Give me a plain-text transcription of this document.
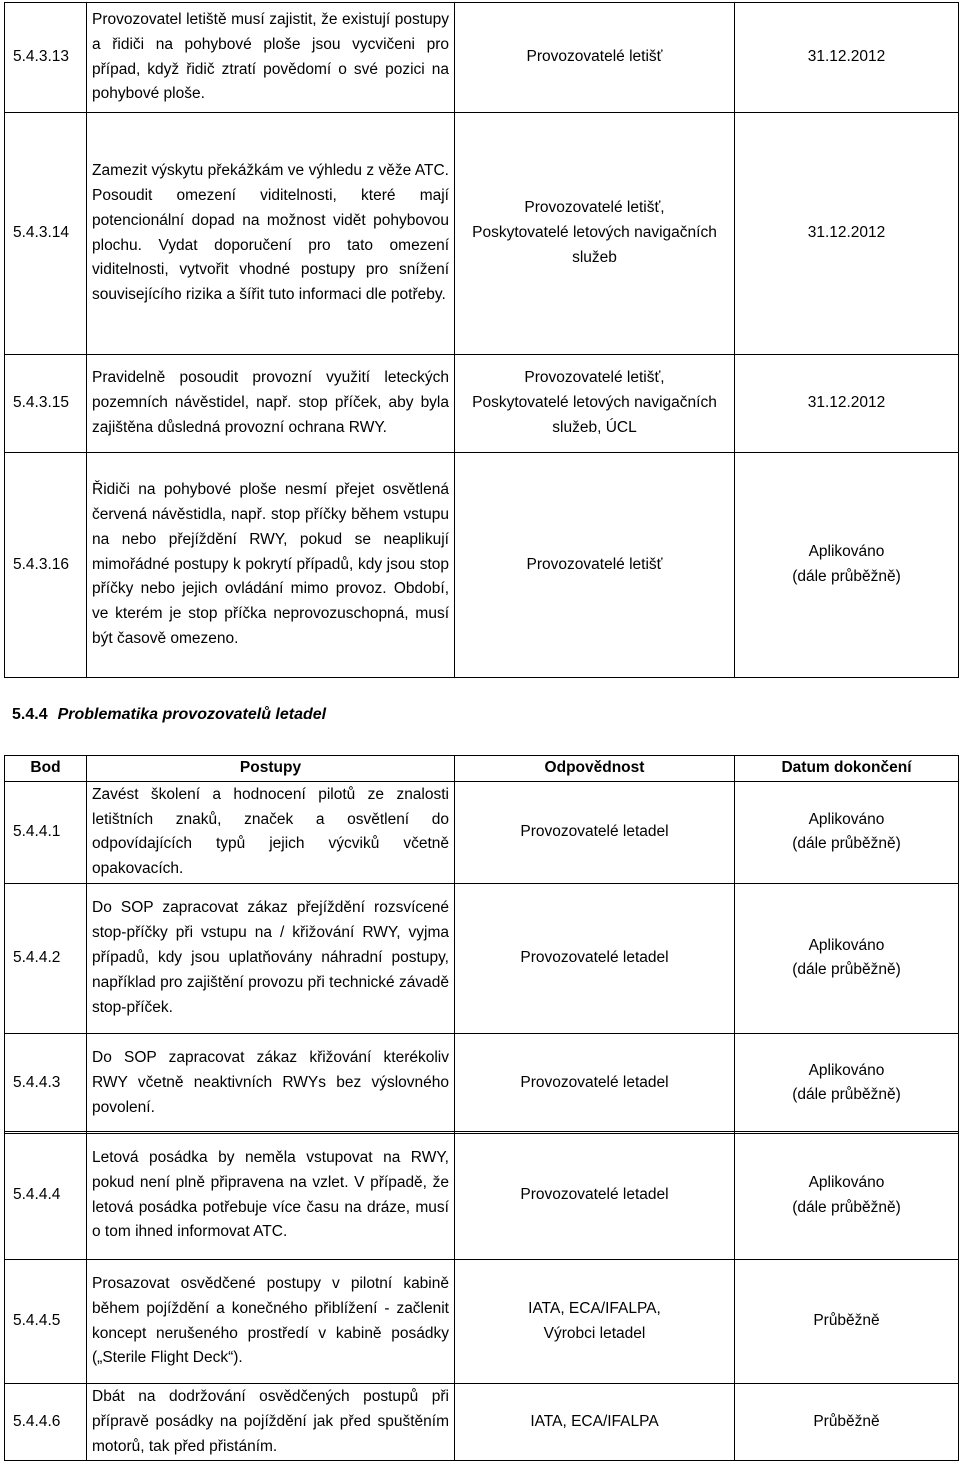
5.4.3.13	Provozovatel letiště musí zajistit, že existují postupy a řidiči na pohybové ploše jsou vycvičeni pro případ, když řidič ztratí povědomí o své pozici na pohybové ploše.	Provozovatelé letišť	31.12.2012
5.4.3.14	Zamezit výskytu překážkám ve výhledu z věže ATC. Posoudit omezení viditelnosti, které mají potencionální dopad na možnost vidět pohybovou plochu. Vydat doporučení pro tato omezení viditelnosti, vytvořit vhodné postupy pro snížení souvisejícího rizika a šířit tuto informaci dle potřeby.	Provozovatelé letišť,
Poskytovatelé letových navigačních služeb	31.12.2012
5.4.3.15	Pravidelně posoudit provozní využití leteckých pozemních návěstidel, např. stop příček, aby byla zajištěna důsledná provozní ochrana RWY.	Provozovatelé letišť,
Poskytovatelé letových navigačních služeb, ÚCL	31.12.2012
5.4.3.16	Řidiči na pohybové ploše nesmí přejet osvětlená červená návěstidla, např. stop příčky během vstupu na nebo přejíždění RWY, pokud se neaplikují mimořádné postupy k pokrytí případů, kdy jsou stop příčky nebo jejich ovládání mimo provoz. Období, ve kterém je stop příčka neprovozuschopná, musí být časově omezeno.	Provozovatelé letišť	Aplikováno
(dále průběžně)
5.4.4 Problematika provozovatelů letadel
Bod	Postupy	Odpovědnost	Datum dokončení
5.4.4.1	Zavést školení a hodnocení pilotů ze znalosti letištních znaků, značek a osvětlení do odpovídajících typů jejich výcviků včetně opakovacích.	Provozovatelé letadel	Aplikováno
(dále průběžně)
5.4.4.2	Do SOP zapracovat zákaz přejíždění rozsvícené stop-příčky při vstupu na / křižování RWY, vyjma případů, kdy jsou uplatňovány náhradní postupy, například pro zajištění provozu při technické závadě stop-příček.	Provozovatelé letadel	Aplikováno
(dále průběžně)
5.4.4.3	Do SOP zapracovat zákaz křižování kterékoliv RWY včetně neaktivních RWYs bez výslovného povolení.	Provozovatelé letadel	Aplikováno
(dále průběžně)
5.4.4.4	Letová posádka by neměla vstupovat na RWY, pokud není plně připravena na vzlet. V případě, že letová posádka potřebuje více času na dráze, musí o tom ihned informovat ATC.	Provozovatelé letadel	Aplikováno
(dále průběžně)
5.4.4.5	Prosazovat osvědčené postupy v pilotní kabině během pojíždění a konečného přiblížení - začlenit koncept nerušeného prostředí v kabině posádky („Sterile Flight Deck“).	IATA, ECA/IFALPA,
Výrobci letadel	Průběžně
5.4.4.6	Dbát na dodržování osvědčených postupů při přípravě posádky na pojíždění jak před spuštěním motorů, tak před přistáním.	IATA, ECA/IFALPA	Průběžně
